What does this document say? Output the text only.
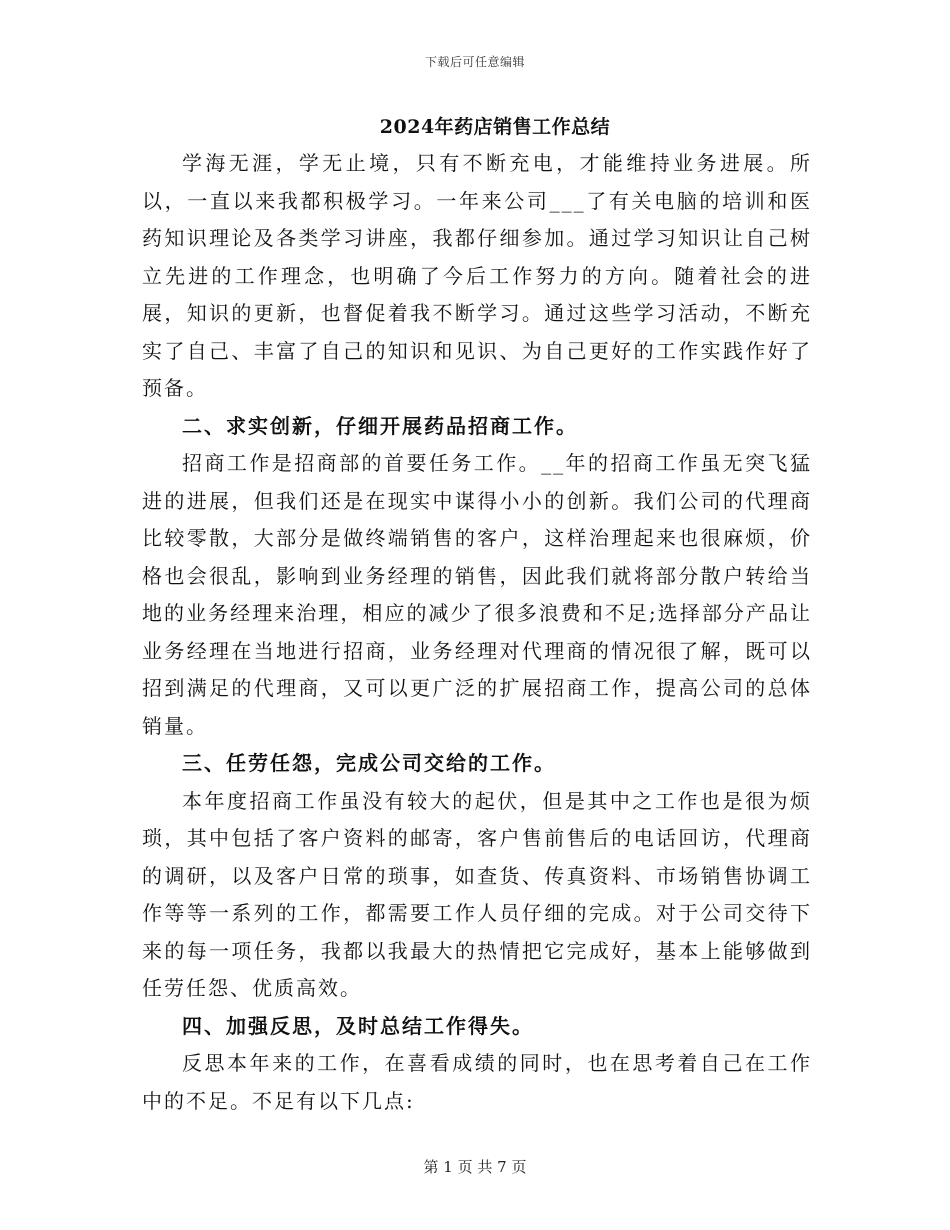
下载后可任意编辑
2024年药店销售工作总结

学海无涯，学无止境，只有不断充电，才能维持业务进展。所以，一直以来我都积极学习。一年来公司___了有关电脑的培训和医药知识理论及各类学习讲座，我都仔细参加。通过学习知识让自己树立先进的工作理念，也明确了今后工作努力的方向。随着社会的进展，知识的更新，也督促着我不断学习。通过这些学习活动，不断充实了自己、丰富了自己的知识和见识、为自己更好的工作实践作好了预备。

二、求实创新，仔细开展药品招商工作。

招商工作是招商部的首要任务工作。__年的招商工作虽无突飞猛进的进展，但我们还是在现实中谋得小小的创新。我们公司的代理商比较零散，大部分是做终端销售的客户，这样治理起来也很麻烦，价格也会很乱，影响到业务经理的销售，因此我们就将部分散户转给当地的业务经理来治理，相应的减少了很多浪费和不足;选择部分产品让业务经理在当地进行招商，业务经理对代理商的情况很了解，既可以招到满足的代理商，又可以更广泛的扩展招商工作，提高公司的总体销量。

三、任劳任怨，完成公司交给的工作。

本年度招商工作虽没有较大的起伏，但是其中之工作也是很为烦琐，其中包括了客户资料的邮寄，客户售前售后的电话回访，代理商的调研，以及客户日常的琐事，如查货、传真资料、市场销售协调工作等等一系列的工作，都需要工作人员仔细的完成。对于公司交待下来的每一项任务，我都以我最大的热情把它完成好，基本上能够做到任劳任怨、优质高效。

四、加强反思，及时总结工作得失。

反思本年来的工作，在喜看成绩的同时，也在思考着自己在工作中的不足。不足有以下几点:

第 1 页 共 7 页
